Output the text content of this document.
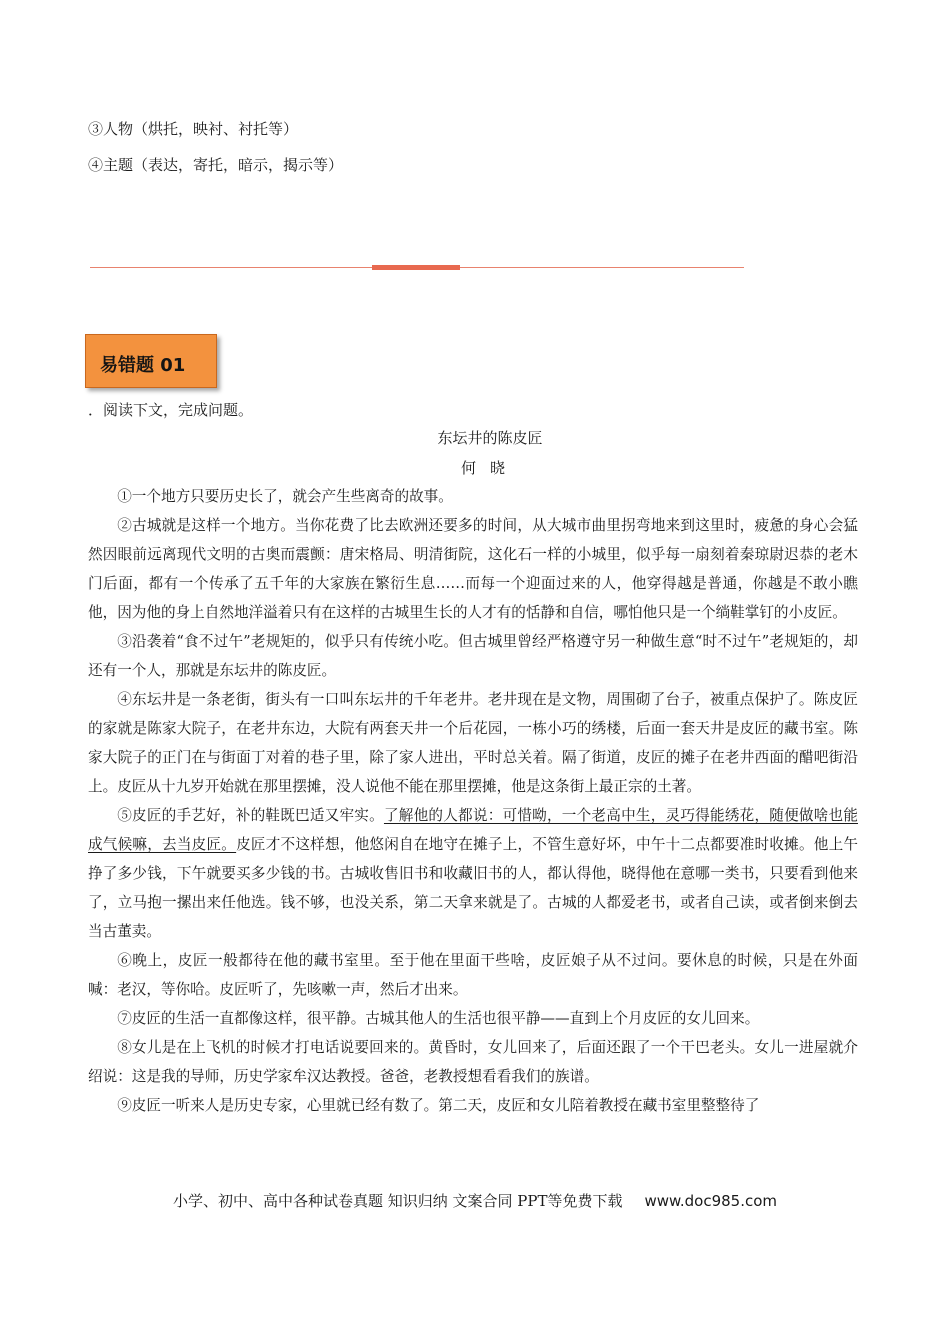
③人物（烘托，映衬、衬托等）
④主题（表达，寄托，暗示，揭示等）
易错题 01
．阅读下文，完成问题。
东坛井的陈皮匠
何晓

①一个地方只要历史长了，就会产生些离奇的故事。

②古城就是这样一个地方。当你花费了比去欧洲还要多的时间，从大城市曲里拐弯地来到这里时，疲惫的身心会猛然因眼前远离现代文明的古奥而震颤：唐宋格局、明清街院，这化石一样的小城里，似乎每一扇刻着秦琼尉迟恭的老木门后面，都有一个传承了五千年的大家族在繁衍生息……而每一个迎面过来的人，他穿得越是普通，你越是不敢小瞧他，因为他的身上自然地洋溢着只有在这样的古城里生长的人才有的恬静和自信，哪怕他只是一个绱鞋掌钉的小皮匠。

③沿袭着“食不过午”老规矩的，似乎只有传统小吃。但古城里曾经严格遵守另一种做生意“时不过午”老规矩的，却还有一个人，那就是东坛井的陈皮匠。

④东坛井是一条老街，街头有一口叫东坛井的千年老井。老井现在是文物，周围砌了台子，被重点保护了。陈皮匠的家就是陈家大院子，在老井东边，大院有两套天井一个后花园，一栋小巧的绣楼，后面一套天井是皮匠的藏书室。陈家大院子的正门在与街面丁对着的巷子里，除了家人进出，平时总关着。隔了街道，皮匠的摊子在老井西面的醋吧街沿上。皮匠从十九岁开始就在那里摆摊，没人说他不能在那里摆摊，他是这条街上最正宗的土著。

⑤皮匠的手艺好，补的鞋既巴适又牢实。了解他的人都说：可惜呦，一个老高中生，灵巧得能绣花，随便做啥也能成气候嘛，去当皮匠。皮匠才不这样想，他悠闲自在地守在摊子上，不管生意好坏，中午十二点都要准时收摊。他上午挣了多少钱，下午就要买多少钱的书。古城收售旧书和收藏旧书的人，都认得他，晓得他在意哪一类书，只要看到他来了，立马抱一摞出来任他选。钱不够，也没关系，第二天拿来就是了。古城的人都爱老书，或者自己读，或者倒来倒去当古董卖。

⑥晚上，皮匠一般都待在他的藏书室里。至于他在里面干些啥，皮匠娘子从不过问。要休息的时候，只是在外面喊：老汉，等你哈。皮匠听了，先咳嗽一声，然后才出来。

⑦皮匠的生活一直都像这样，很平静。古城其他人的生活也很平静——直到上个月皮匠的女儿回来。

⑧女儿是在上飞机的时候才打电话说要回来的。黄昏时，女儿回来了，后面还跟了一个干巴老头。女儿一进屋就介绍说：这是我的导师，历史学家牟汉达教授。爸爸，老教授想看看我们的族谱。

⑨皮匠一听来人是历史专家，心里就已经有数了。第二天，皮匠和女儿陪着教授在藏书室里整整待了

小学、初中、高中各种试卷真题 知识归纳 文案合同 PPT等免费下载 www.doc985.com
